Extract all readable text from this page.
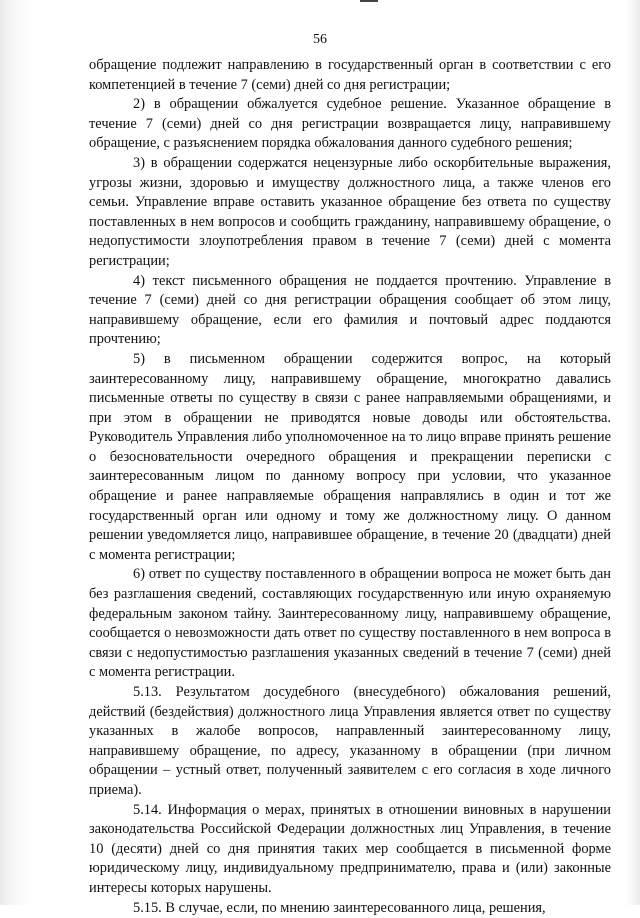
56

обращение подлежит направлению в государственный орган в соответствии с его компетенцией в течение 7 (семи) дней со дня регистрации;

2) в обращении обжалуется судебное решение. Указанное обращение в течение 7 (семи) дней со дня регистрации возвращается лицу, направившему обращение, с разъяснением порядка обжалования данного судебного решения;

3) в обращении содержатся нецензурные либо оскорбительные выражения, угрозы жизни, здоровью и имуществу должностного лица, а также членов его семьи. Управление вправе оставить указанное обращение без ответа по существу поставленных в нем вопросов и сообщить гражданину, направившему обращение, о недопустимости злоупотребления правом в течение 7 (семи) дней с момента регистрации;

4) текст письменного обращения не поддается прочтению. Управление в течение 7 (семи) дней со дня регистрации обращения сообщает об этом лицу, направившему обращение, если его фамилия и почтовый адрес поддаются прочтению;

5) в письменном обращении содержится вопрос, на который заинтересованному лицу, направившему обращение, многократно давались письменные ответы по существу в связи с ранее направляемыми обращениями, и при этом в обращении не приводятся новые доводы или обстоятельства. Руководитель Управления либо уполномоченное на то лицо вправе принять решение о безосновательности очередного обращения и прекращении переписки с заинтересованным лицом по данному вопросу при условии, что указанное обращение и ранее направляемые обращения направлялись в один и тот же государственный орган или одному и тому же должностному лицу. О данном решении уведомляется лицо, направившее обращение, в течение 20 (двадцати) дней с момента регистрации;

6) ответ по существу поставленного в обращении вопроса не может быть дан без разглашения сведений, составляющих государственную или иную охраняемую федеральным законом тайну. Заинтересованному лицу, направившему обращение, сообщается о невозможности дать ответ по существу поставленного в нем вопроса в связи с недопустимостью разглашения указанных сведений в течение 7 (семи) дней с момента регистрации.

5.13. Результатом досудебного (внесудебного) обжалования решений, действий (бездействия) должностного лица Управления является ответ по существу указанных в жалобе вопросов, направленный заинтересованному лицу, направившему обращение, по адресу, указанному в обращении (при личном обращении – устный ответ, полученный заявителем с его согласия в ходе личного приема).

5.14. Информация о мерах, принятых в отношении виновных в нарушении законодательства Российской Федерации должностных лиц Управления, в течение 10 (десяти) дней со дня принятия таких мер сообщается в письменной форме юридическому лицу, индивидуальному предпринимателю, права и (или) законные интересы которых нарушены.

5.15. В случае, если, по мнению заинтересованного лица, решения,
